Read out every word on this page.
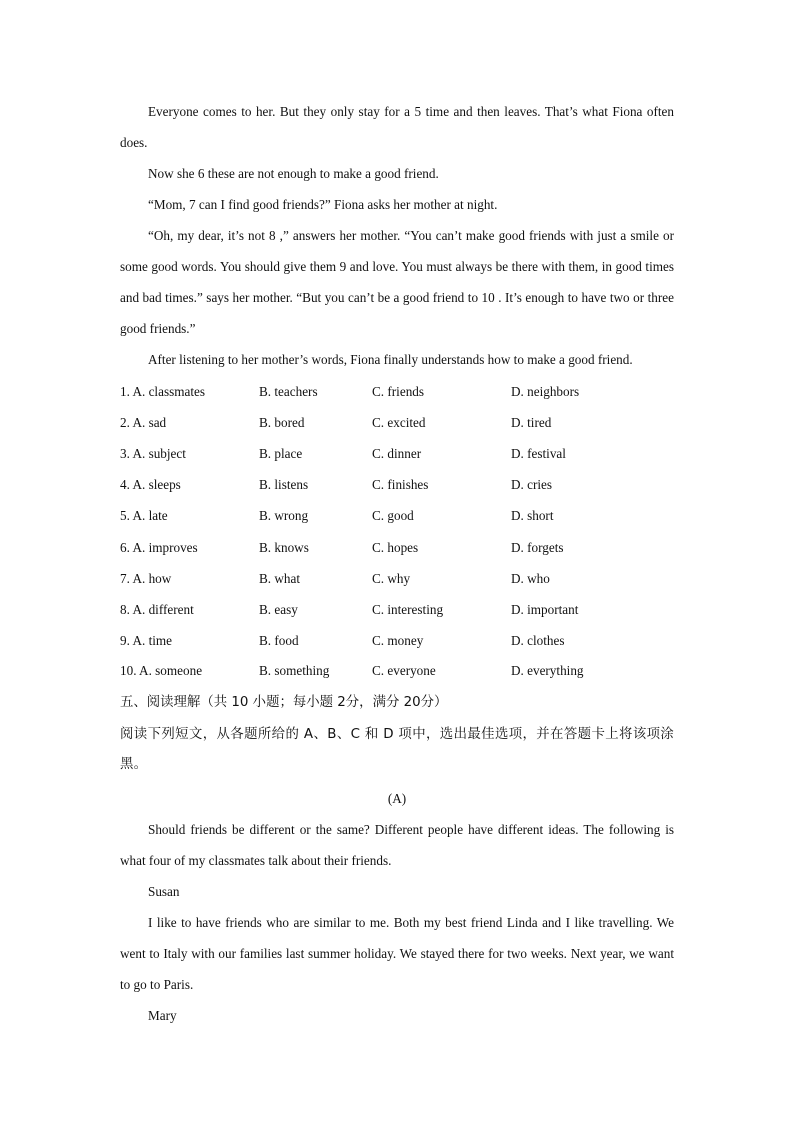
Everyone comes to her. But they only stay for a 5 time and then leaves. That’s what Fiona often does.

Now she 6 these are not enough to make a good friend.

“Mom, 7 can I find good friends?” Fiona asks her mother at night.

“Oh, my dear, it’s not 8 ,” answers her mother. “You can’t make good friends with just a smile or some good words. You should give them 9 and love. You must always be there with them, in good times and bad times.” says her mother. “But you can’t be a good friend to 10 . It’s enough to have two or three good friends.”

After listening to her mother’s words, Fiona finally understands how to make a good friend.

1. A. classmates	B. teachers	C. friends	D. neighbors
2. A. sad	B. bored	C. excited	D. tired
3. A. subject	B. place	C. dinner	D. festival
4. A. sleeps	B. listens	C. finishes	D. cries
5. A. late	B. wrong	C. good	D. short
6. A. improves	B. knows	C. hopes	D. forgets
7. A. how	B. what	C. why	D. who
8. A. different	B. easy	C. interesting	D. important
9. A. time	B. food	C. money	D. clothes
10. A. someone	B. something	C. everyone	D. everything
五、阅读理解（共 10 小题；每小题 2分，满分 20分）

阅读下列短文，从各题所给的 A、B、C 和 D 项中，选出最佳选项，并在答题卡上将该项涂黑。

(A)

Should friends be different or the same? Different people have different ideas. The following is what four of my classmates talk about their friends.

Susan

I like to have friends who are similar to me. Both my best friend Linda and I like travelling. We went to Italy with our families last summer holiday. We stayed there for two weeks. Next year, we want to go to Paris.

Mary
